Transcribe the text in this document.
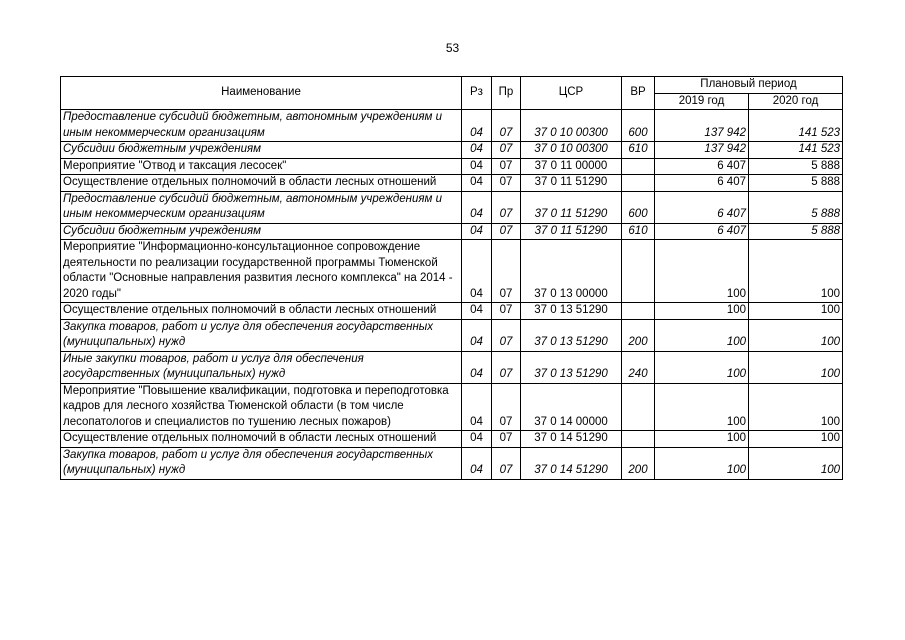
53
Наименование	Рз	Пр	ЦСР	ВР	Плановый период	
					2019 год	2020 год
Предоставление субсидий бюджетным, автономным учреждениям и иным некоммерческим организациям	04	07	37 0 10 00300	600	137 942	141 523
Субсидии бюджетным учреждениям	04	07	37 0 10 00300	610	137 942	141 523
Мероприятие "Отвод и таксация лесосек"	04	07	37 0 11 00000		6 407	5 888
Осуществление отдельных полномочий в области лесных отношений	04	07	37 0 11 51290		6 407	5 888
Предоставление субсидий бюджетным, автономным учреждениям и иным некоммерческим организациям	04	07	37 0 11 51290	600	6 407	5 888
Субсидии бюджетным учреждениям	04	07	37 0 11 51290	610	6 407	5 888
Мероприятие "Информационно-консультационное сопровождение деятельности по реализации государственной программы Тюменской области "Основные направления развития лесного комплекса" на 2014 - 2020 годы"	04	07	37 0 13 00000		100	100
Осуществление отдельных полномочий в области лесных отношений	04	07	37 0 13 51290		100	100
Закупка товаров, работ и услуг для обеспечения государственных (муниципальных) нужд	04	07	37 0 13 51290	200	100	100
Иные закупки товаров, работ и услуг для обеспечения государственных (муниципальных) нужд	04	07	37 0 13 51290	240	100	100
Мероприятие "Повышение квалификации, подготовка и переподготовка кадров для лесного хозяйства Тюменской области (в том числе лесопатологов и специалистов по тушению лесных пожаров)	04	07	37 0 14 00000		100	100
Осуществление отдельных полномочий в области лесных отношений	04	07	37 0 14 51290		100	100
Закупка товаров, работ и услуг для обеспечения государственных (муниципальных) нужд	04	07	37 0 14 51290	200	100	100
